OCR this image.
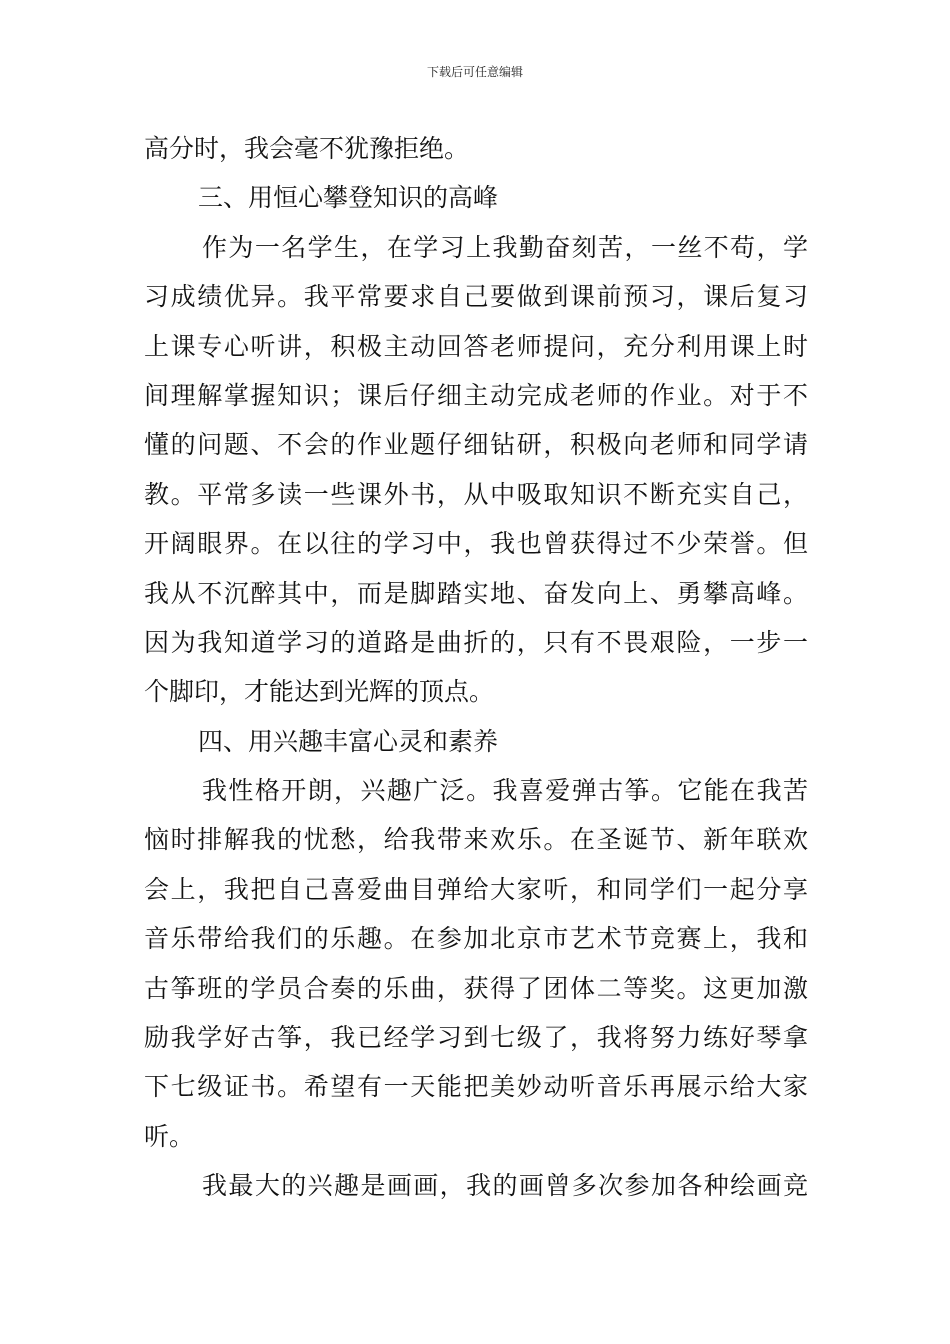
下载后可任意编辑
高分时，我会毫不犹豫拒绝。
三、用恒心攀登知识的高峰
作为一名学生，在学习上我勤奋刻苦，一丝不苟，学
习成绩优异。我平常要求自己要做到课前预习，课后复习
上课专心听讲，积极主动回答老师提问，充分利用课上时
间理解掌握知识；课后仔细主动完成老师的作业。对于不
懂的问题、不会的作业题仔细钻研，积极向老师和同学请
教。平常多读一些课外书，从中吸取知识不断充实自己，
开阔眼界。在以往的学习中，我也曾获得过不少荣誉。但
我从不沉醉其中，而是脚踏实地、奋发向上、勇攀高峰。
因为我知道学习的道路是曲折的，只有不畏艰险，一步一
个脚印，才能达到光辉的顶点。
四、用兴趣丰富心灵和素养
我性格开朗，兴趣广泛。我喜爱弹古筝。它能在我苦
恼时排解我的忧愁，给我带来欢乐。在圣诞节、新年联欢
会上，我把自己喜爱曲目弹给大家听，和同学们一起分享
音乐带给我们的乐趣。在参加北京市艺术节竞赛上，我和
古筝班的学员合奏的乐曲，获得了团体二等奖。这更加激
励我学好古筝，我已经学习到七级了，我将努力练好琴拿
下七级证书。希望有一天能把美妙动听音乐再展示给大家
听。
我最大的兴趣是画画，我的画曾多次参加各种绘画竞
